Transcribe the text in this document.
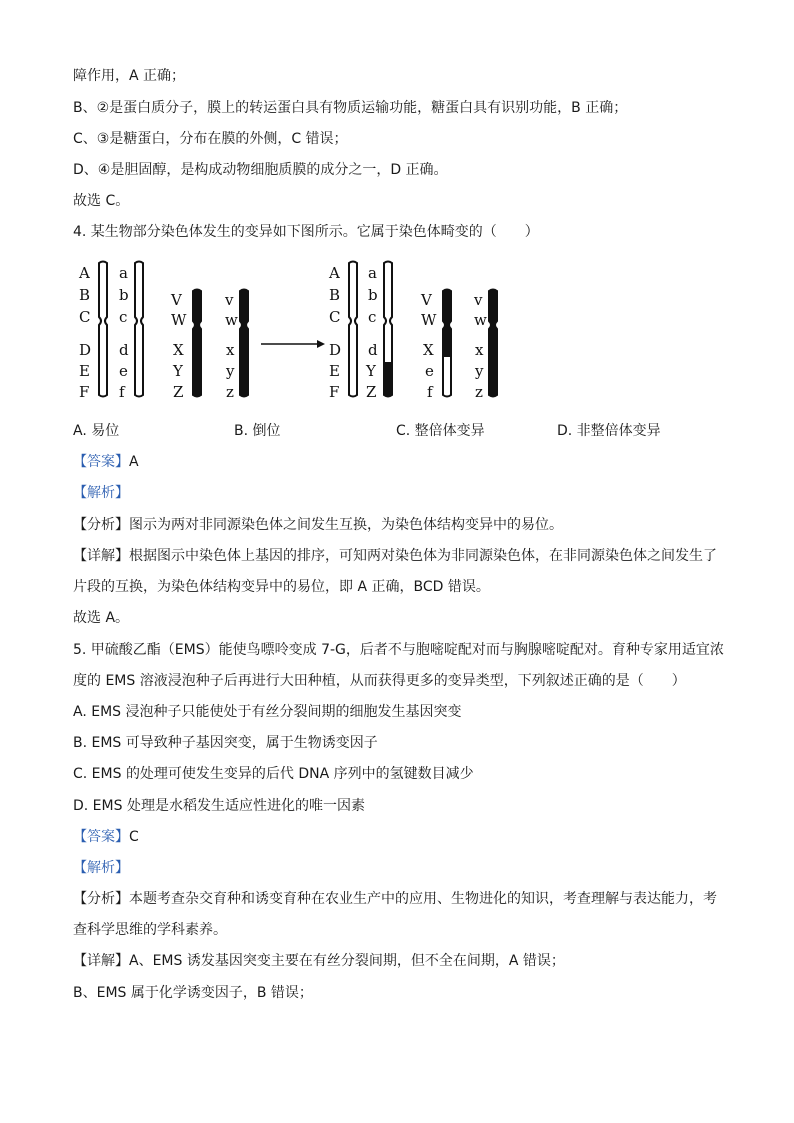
障作用，A 正确；
B、②是蛋白质分子，膜上的转运蛋白具有物质运输功能，糖蛋白具有识别功能，B 正确；
C、③是糖蛋白，分布在膜的外侧，C 错误；
D、④是胆固醇，是构成动物细胞质膜的成分之一，D 正确。
故选 C。
4. 某生物部分染色体发生的变异如下图所示。它属于染色体畸变的（　　）
A
B
C
D
E
F
a
b
c
d
e
f
V
W
X
Y
Z
v
w
x
y
z
A
B
C
D
E
F
a
b
c
d
Y
Z
V
W
X
e
f
v
w
x
y
z
A. 易位	B. 倒位	C. 整倍体变异	D. 非整倍体变异
【答案】A
【解析】
【分析】图示为两对非同源染色体之间发生互换，为染色体结构变异中的易位。
【详解】根据图示中染色体上基因的排序，可知两对染色体为非同源染色体，在非同源染色体之间发生了
片段的互换，为染色体结构变异中的易位，即 A 正确，BCD 错误。
故选 A。
5. 甲硫酸乙酯（EMS）能使鸟嘌呤变成 7-G，后者不与胞嘧啶配对而与胸腺嘧啶配对。育种专家用适宜浓
度的 EMS 溶液浸泡种子后再进行大田种植，从而获得更多的变异类型，下列叙述正确的是（　　）
A. EMS 浸泡种子只能使处于有丝分裂间期的细胞发生基因突变
B. EMS 可导致种子基因突变，属于生物诱变因子
C. EMS 的处理可使发生变异的后代 DNA 序列中的氢键数目减少
D. EMS 处理是水稻发生适应性进化的唯一因素
【答案】C
【解析】
【分析】本题考查杂交育种和诱变育种在农业生产中的应用、生物进化的知识，考查理解与表达能力，考
查科学思维的学科素养。
【详解】A、EMS 诱发基因突变主要在有丝分裂间期，但不全在间期，A 错误；
B、EMS 属于化学诱变因子，B 错误；
